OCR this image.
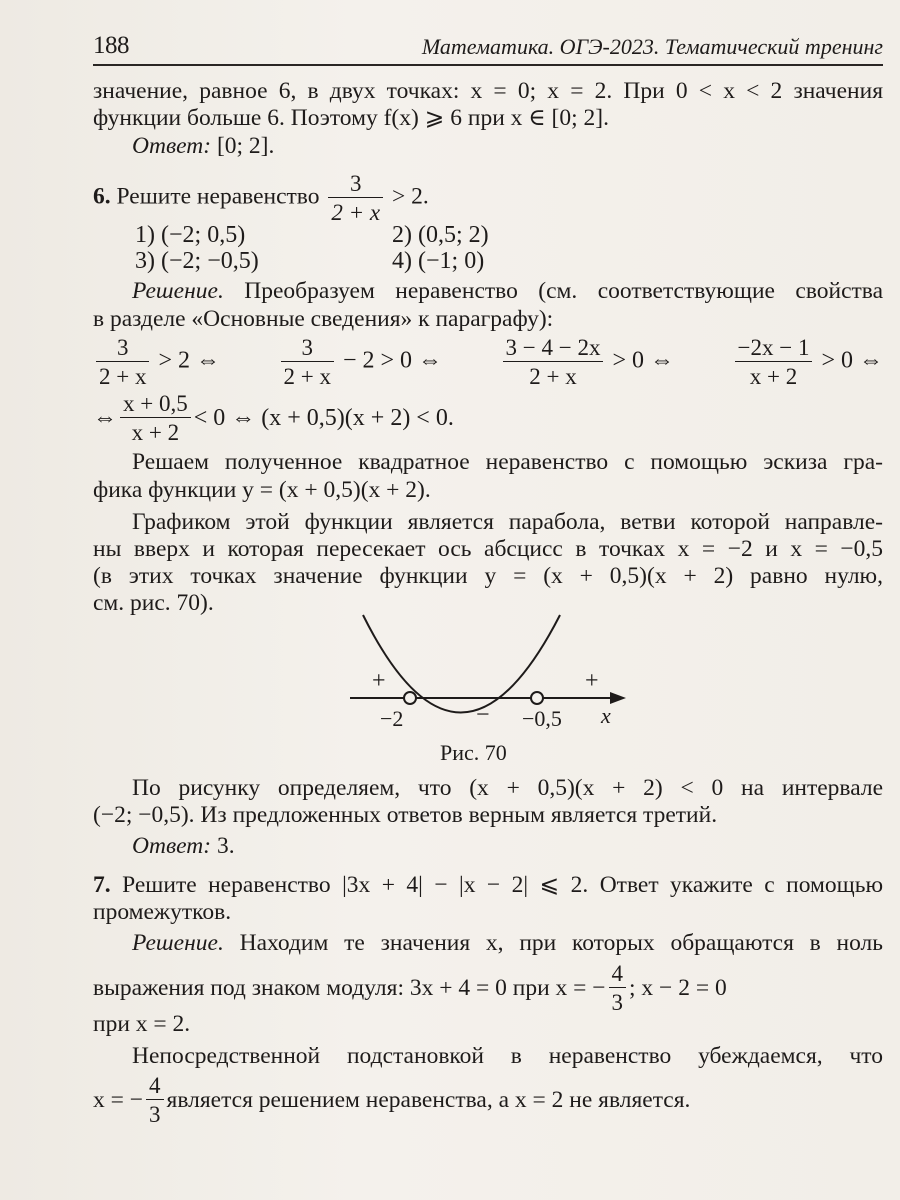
188	Математика. ОГЭ-2023. Тематический тренинг
значение, равное 6, в двух точках: x = 0; x = 2. При 0 < x < 2 значения
функции больше 6. Поэтому f(x) ⩾ 6 при x ∈ [0; 2].
Ответ: [0; 2].
6. Решите неравенство $\frac{3}{2 + x} > 2$.
1) (−2; 0,5)	2) (0,5; 2)
3) (−2; −0,5)	4) (−1; 0)
Решение. Преобразуем неравенство (см. соответствующие свойства
в разделе «Основные сведения» к параграфу):
$\frac{3}{2 + x} > 2$ ⇔	$\frac{3}{2 + x} - 2 > 0$ ⇔	$\frac{3 - 4 - 2x}{2 + x} > 0$ ⇔	$\frac{-2x - 1}{x + 2} > 0$ ⇔
⇔ $\frac{x + 0,5}{x + 2} < 0$ ⇔ (x + 0,5)(x + 2) < 0.
Решаем полученное квадратное неравенство с помощью эскиза гра-
фика функции y = (x + 0,5)(x + 2).
Графиком этой функции является парабола, ветви которой направле-
ны вверх и которая пересекает ось абсцисс в точках x = −2 и x = −0,5
(в этих точках значение функции y = (x + 0,5)(x + 2) равно нулю,
см. рис. 70).
+
−
+
−2	−0,5 x
Рис. 70
По рисунку определяем, что (x + 0,5)(x + 2) < 0 на интервале
(−2; −0,5). Из предложенных ответов верным является третий.
Ответ: 3.
7. Решите неравенство |3x + 4| − |x − 2| ⩽ 2. Ответ укажите с помощью
промежутков.
Решение. Находим те значения x, при которых обращаются в ноль
выражения под знаком модуля: 3x + 4 = 0 при x = − $\frac{4}{3}$ ; x − 2 = 0
при x = 2.
Непосредственной подстановкой в неравенство убеждаемся, что
x = − $\frac{4}{3}$ является решением неравенства, а x = 2 не является.
